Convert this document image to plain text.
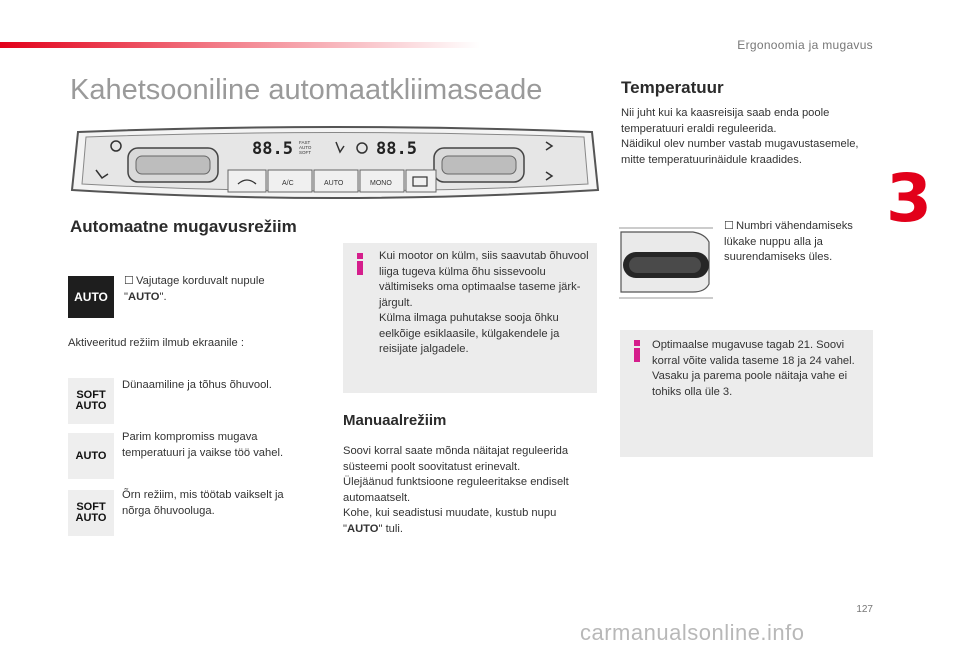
Ergonoomia ja mugavus
3
Kahetsooniline automaatkliimaseade
88.5	88.5
FAST
AUTO
SOFT
A/C	AUTO	MONO
Automaatne mugavusrežiim
AUTO
☐ Vajutage korduvalt nupule "AUTO".
Aktiveeritud režiim ilmub ekraanile :
SOFT
AUTO
Dünaamiline ja tõhus õhuvool.
AUTO
Parim kompromiss mugava temperatuuri ja vaikse töö vahel.
SOFT
AUTO
Õrn režiim, mis töötab vaikselt ja nõrga õhuvooluga.
Kui mootor on külm, siis saavutab õhuvool liiga tugeva külma õhu sissevoolu vältimiseks oma optimaalse taseme järk-järgult.
Külma ilmaga puhutakse sooja õhku eelkõige esiklaasile, külgakendele ja reisijate jalgadele.
Manuaalrežiim
Soovi korral saate mõnda näitajat reguleerida süsteemi poolt soovitatust erinevalt.
Ülejäänud funktsioone reguleeritakse endiselt automaatselt.
Kohe, kui seadistusi muudate, kustub nupu "AUTO" tuli.
Temperatuur
Nii juht kui ka kaasreisija saab enda poole temperatuuri eraldi reguleerida.
Näidikul olev number vastab mugavustasemele, mitte temperatuurinäidule kraadides.
☐ Numbri vähendamiseks lükake nuppu alla ja suurendamiseks üles.
Optimaalse mugavuse tagab 21. Soovi korral võite valida taseme 18 ja 24 vahel. Vasaku ja parema poole näitaja vahe ei tohiks olla üle 3.
127
carmanualsonline.info
